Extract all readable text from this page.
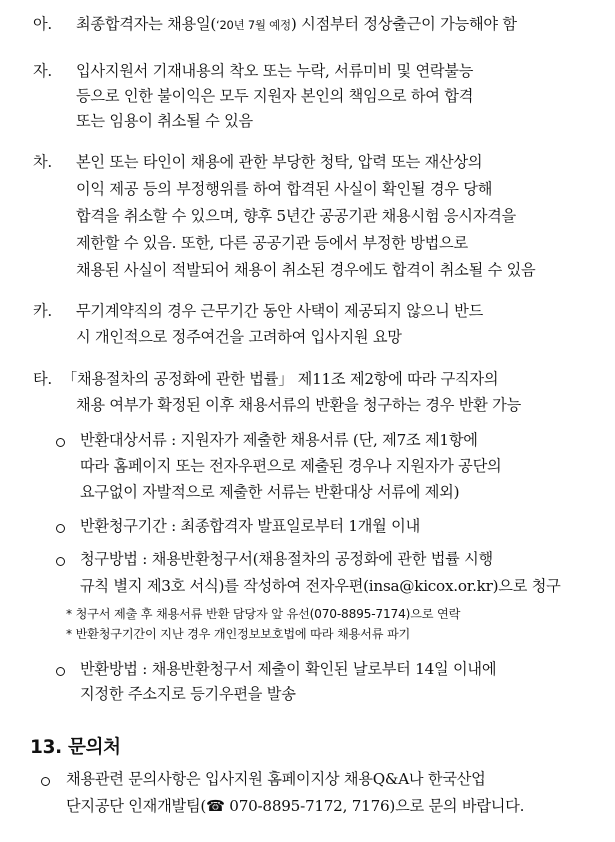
아. 최종합격자는 채용일(‘20년 7월 예정) 시점부터 정상출근이 가능해야 함
자. 입사지원서 기재내용의 착오 또는 누락, 서류미비 및 연락불능
등으로 인한 불이익은 모두 지원자 본인의 책임으로 하여 합격
또는 임용이 취소될 수 있음
차. 본인 또는 타인이 채용에 관한 부당한 청탁, 압력 또는 재산상의
이익 제공 등의 부정행위를 하여 합격된 사실이 확인될 경우 당해
합격을 취소할 수 있으며, 향후 5년간 공공기관 채용시험 응시자격을
제한할 수 있음. 또한, 다른 공공기관 등에서 부정한 방법으로
채용된 사실이 적발되어 채용이 취소된 경우에도 합격이 취소될 수 있음
카. 무기계약직의 경우 근무기간 동안 사택이 제공되지 않으니 반드
시 개인적으로 정주여건을 고려하여 입사지원 요망
타. 「채용절차의 공정화에 관한 법률」 제11조 제2항에 따라 구직자의
채용 여부가 확정된 이후 채용서류의 반환을 청구하는 경우 반환 가능
반환대상서류 : 지원자가 제출한 채용서류 (단, 제7조 제1항에
따라 홈페이지 또는 전자우편으로 제출된 경우나 지원자가 공단의
요구없이 자발적으로 제출한 서류는 반환대상 서류에 제외)
반환청구기간 : 최종합격자 발표일로부터 1개월 이내
청구방법 : 채용반환청구서(채용절차의 공정화에 관한 법률 시행
규칙 별지 제3호 서식)를 작성하여 전자우편(insa@kicox.or.kr)으로 청구
* 청구서 제출 후 채용서류 반환 담당자 앞 유선(070-8895-7174)으로 연락
* 반환청구기간이 지난 경우 개인정보보호법에 따라 채용서류 파기
반환방법 : 채용반환청구서 제출이 확인된 날로부터 14일 이내에
지정한 주소지로 등기우편을 발송
13. 문의처
채용관련 문의사항은 입사지원 홈페이지상 채용Q&A나 한국산업
단지공단 인재개발팀(☎ 070-8895-7172, 7176)으로 문의 바랍니다.
